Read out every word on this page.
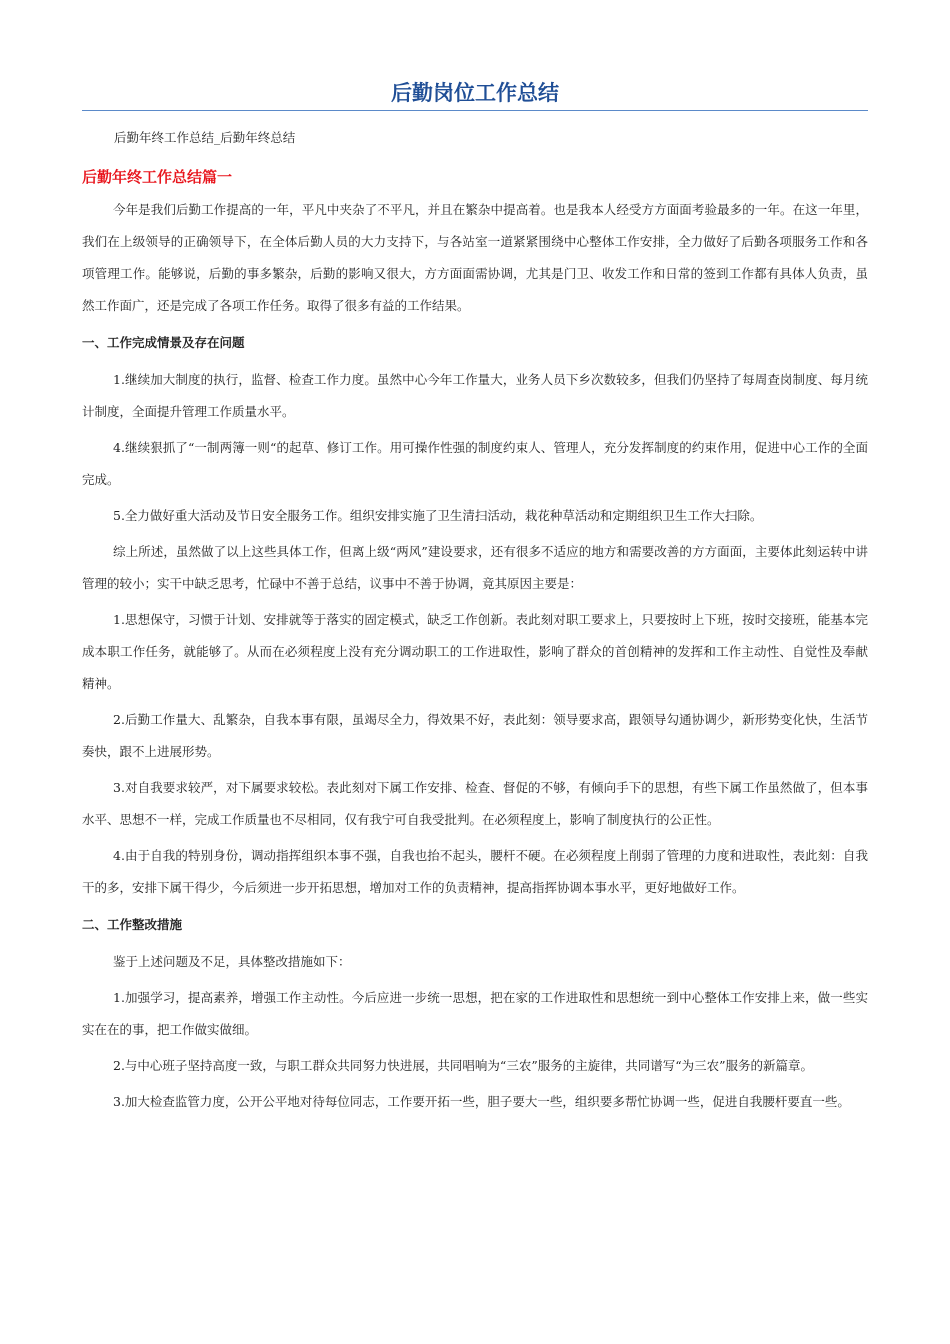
后勤岗位工作总结
后勤年终工作总结_后勤年终总结
后勤年终工作总结篇一

今年是我们后勤工作提高的一年，平凡中夹杂了不平凡，并且在繁杂中提高着。也是我本人经受方方面面考验最多的一年。在这一年里，我们在上级领导的正确领导下，在全体后勤人员的大力支持下，与各站室一道紧紧围绕中心整体工作安排，全力做好了后勤各项服务工作和各项管理工作。能够说，后勤的事多繁杂，后勤的影响又很大，方方面面需协调，尤其是门卫、收发工作和日常的签到工作都有具体人负责，虽然工作面广，还是完成了各项工作任务。取得了很多有益的工作结果。

一、工作完成情景及存在问题

1.继续加大制度的执行，监督、检查工作力度。虽然中心今年工作量大，业务人员下乡次数较多，但我们仍坚持了每周查岗制度、每月统计制度，全面提升管理工作质量水平。

4.继续狠抓了“一制两簿一则“的起草、修订工作。用可操作性强的制度约束人、管理人，充分发挥制度的约束作用，促进中心工作的全面完成。

5.全力做好重大活动及节日安全服务工作。组织安排实施了卫生清扫活动，栽花种草活动和定期组织卫生工作大扫除。

综上所述，虽然做了以上这些具体工作，但离上级“两风”建设要求，还有很多不适应的地方和需要改善的方方面面，主要体此刻运转中讲管理的较小；实干中缺乏思考，忙碌中不善于总结，议事中不善于协调，竟其原因主要是：

1.思想保守，习惯于计划、安排就等于落实的固定模式，缺乏工作创新。表此刻对职工要求上，只要按时上下班，按时交接班，能基本完成本职工作任务，就能够了。从而在必须程度上没有充分调动职工的工作进取性，影响了群众的首创精神的发挥和工作主动性、自觉性及奉献精神。

2.后勤工作量大、乱繁杂，自我本事有限，虽竭尽全力，得效果不好，表此刻：领导要求高，跟领导勾通协调少，新形势变化快，生活节奏快，跟不上进展形势。

3.对自我要求较严，对下属要求较松。表此刻对下属工作安排、检查、督促的不够，有倾向手下的思想，有些下属工作虽然做了，但本事水平、思想不一样，完成工作质量也不尽相同，仅有我宁可自我受批判。在必须程度上，影响了制度执行的公正性。

4.由于自我的特别身份，调动指挥组织本事不强，自我也抬不起头，腰杆不硬。在必须程度上削弱了管理的力度和进取性，表此刻：自我干的多，安排下属干得少，今后须进一步开拓思想，增加对工作的负责精神，提高指挥协调本事水平，更好地做好工作。

二、工作整改措施

鉴于上述问题及不足，具体整改措施如下：

1.加强学习，提高素养，增强工作主动性。今后应进一步统一思想，把在家的工作进取性和思想统一到中心整体工作安排上来，做一些实实在在的事，把工作做实做细。

2.与中心班子坚持高度一致，与职工群众共同努力快进展，共同唱响为“三农”服务的主旋律，共同谱写“为三农”服务的新篇章。

3.加大检查监管力度，公开公平地对待每位同志，工作要开拓一些，胆子要大一些，组织要多帮忙协调一些，促进自我腰杆要直一些。
